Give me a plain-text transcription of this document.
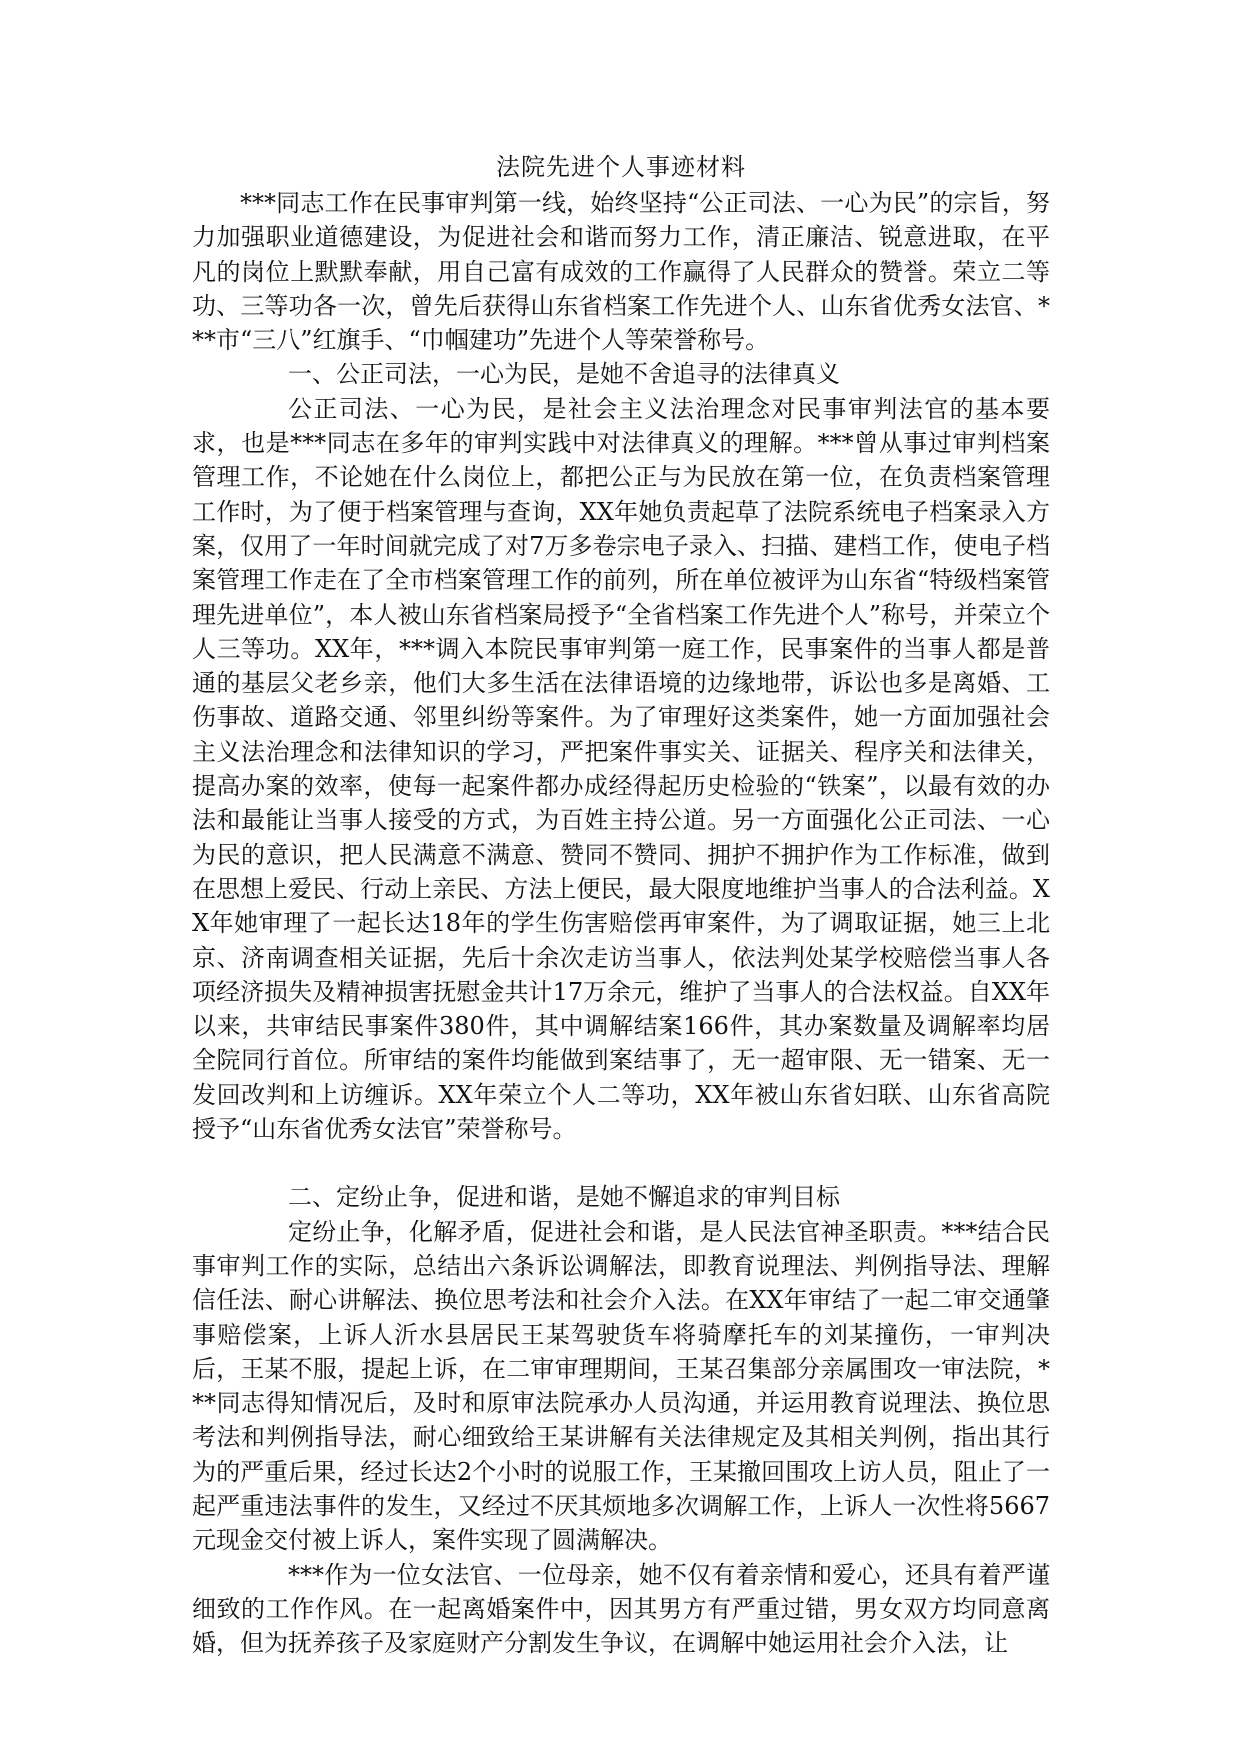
法院先进个人事迹材料

***同志工作在民事审判第一线，始终坚持“公正司法、一心为民”的宗旨，努力加强职业道德建设，为促进社会和谐而努力工作，清正廉洁、锐意进取，在平凡的岗位上默默奉献，用自己富有成效的工作赢得了人民群众的赞誉。荣立二等功、三等功各一次，曾先后获得山东省档案工作先进个人、山东省优秀女法官、***市“三八”红旗手、“巾帼建功”先进个人等荣誉称号。

一、公正司法，一心为民，是她不舍追寻的法律真义

公正司法、一心为民，是社会主义法治理念对民事审判法官的基本要求，也是***同志在多年的审判实践中对法律真义的理解。***曾从事过审判档案管理工作，不论她在什么岗位上，都把公正与为民放在第一位，在负责档案管理工作时，为了便于档案管理与查询，XX年她负责起草了法院系统电子档案录入方案，仅用了一年时间就完成了对7万多卷宗电子录入、扫描、建档工作，使电子档案管理工作走在了全市档案管理工作的前列，所在单位被评为山东省“特级档案管理先进单位”，本人被山东省档案局授予“全省档案工作先进个人”称号，并荣立个人三等功。XX年，***调入本院民事审判第一庭工作，民事案件的当事人都是普通的基层父老乡亲，他们大多生活在法律语境的边缘地带，诉讼也多是离婚、工伤事故、道路交通、邻里纠纷等案件。为了审理好这类案件，她一方面加强社会主义法治理念和法律知识的学习，严把案件事实关、证据关、程序关和法律关，提高办案的效率，使每一起案件都办成经得起历史检验的“铁案”，以最有效的办法和最能让当事人接受的方式，为百姓主持公道。另一方面强化公正司法、一心为民的意识，把人民满意不满意、赞同不赞同、拥护不拥护作为工作标准，做到在思想上爱民、行动上亲民、方法上便民，最大限度地维护当事人的合法利益。XX年她审理了一起长达18年的学生伤害赔偿再审案件，为了调取证据，她三上北京、济南调查相关证据，先后十余次走访当事人，依法判处某学校赔偿当事人各项经济损失及精神损害抚慰金共计17万余元，维护了当事人的合法权益。自XX年以来，共审结民事案件380件，其中调解结案166件，其办案数量及调解率均居全院同行首位。所审结的案件均能做到案结事了，无一超审限、无一错案、无一发回改判和上访缠诉。XX年荣立个人二等功，XX年被山东省妇联、山东省高院授予“山东省优秀女法官”荣誉称号。

二、定纷止争，促进和谐，是她不懈追求的审判目标

定纷止争，化解矛盾，促进社会和谐，是人民法官神圣职责。***结合民事审判工作的实际，总结出六条诉讼调解法，即教育说理法、判例指导法、理解信任法、耐心讲解法、换位思考法和社会介入法。在XX年审结了一起二审交通肇事赔偿案，上诉人沂水县居民王某驾驶货车将骑摩托车的刘某撞伤，一审判决后，王某不服，提起上诉，在二审审理期间，王某召集部分亲属围攻一审法院，***同志得知情况后，及时和原审法院承办人员沟通，并运用教育说理法、换位思考法和判例指导法，耐心细致给王某讲解有关法律规定及其相关判例，指出其行为的严重后果，经过长达2个小时的说服工作，王某撤回围攻上访人员，阻止了一起严重违法事件的发生，又经过不厌其烦地多次调解工作，上诉人一次性将5667元现金交付被上诉人，案件实现了圆满解决。

***作为一位女法官、一位母亲，她不仅有着亲情和爱心，还具有着严谨细致的工作作风。在一起离婚案件中，因其男方有严重过错，男女双方均同意离婚，但为抚养孩子及家庭财产分割发生争议，在调解中她运用社会介入法，让
